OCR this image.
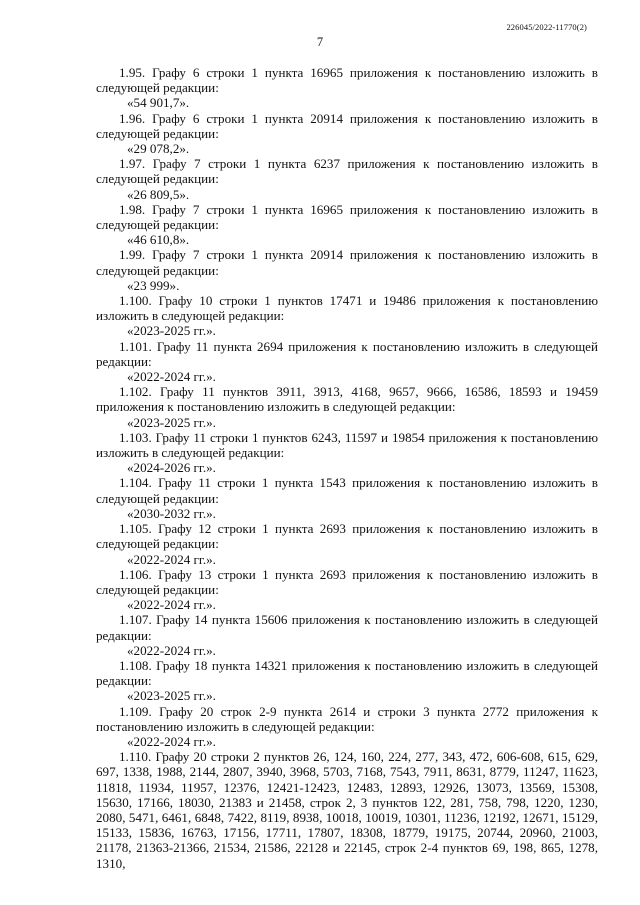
226045/2022-11770(2)
7

1.95. Графу 6 строки 1 пункта 16965 приложения к постановлению изложить в следующей редакции:

«54 901,7».

1.96. Графу 6 строки 1 пункта 20914 приложения к постановлению изложить в следующей редакции:

«29 078,2».

1.97. Графу 7 строки 1 пункта 6237 приложения к постановлению изложить в следующей редакции:

«26 809,5».

1.98. Графу 7 строки 1 пункта 16965 приложения к постановлению изложить в следующей редакции:

«46 610,8».

1.99. Графу 7 строки 1 пункта 20914 приложения к постановлению изложить в следующей редакции:

«23 999».

1.100. Графу 10 строки 1 пунктов 17471 и 19486 приложения к постановлению изложить в следующей редакции:

«2023-2025 гг.».

1.101. Графу 11 пункта 2694 приложения к постановлению изложить в следующей редакции:

«2022-2024 гг.».

1.102. Графу 11 пунктов 3911, 3913, 4168, 9657, 9666, 16586, 18593 и 19459 приложения к постановлению изложить в следующей редакции:

«2023-2025 гг.».

1.103. Графу 11 строки 1 пунктов 6243, 11597 и 19854 приложения к постановлению изложить в следующей редакции:

«2024-2026 гг.».

1.104. Графу 11 строки 1 пункта 1543 приложения к постановлению изложить в следующей редакции:

«2030-2032 гг.».

1.105. Графу 12 строки 1 пункта 2693 приложения к постановлению изложить в следующей редакции:

«2022-2024 гг.».

1.106. Графу 13 строки 1 пункта 2693 приложения к постановлению изложить в следующей редакции:

«2022-2024 гг.».

1.107. Графу 14 пункта 15606 приложения к постановлению изложить в следующей редакции:

«2022-2024 гг.».

1.108. Графу 18 пункта 14321 приложения к постановлению изложить в следующей редакции:

«2023-2025 гг.».

1.109. Графу 20 строк 2-9 пункта 2614 и строки 3 пункта 2772 приложения к постановлению изложить в следующей редакции:

«2022-2024 гг.».

1.110. Графу 20 строки 2 пунктов 26, 124, 160, 224, 277, 343, 472, 606-608, 615, 629, 697, 1338, 1988, 2144, 2807, 3940, 3968, 5703, 7168, 7543, 7911, 8631, 8779, 11247, 11623, 11818, 11934, 11957, 12376, 12421-12423, 12483, 12893, 12926, 13073, 13569, 15308, 15630, 17166, 18030, 21383 и 21458, строк 2, 3 пунктов 122, 281, 758, 798, 1220, 1230, 2080, 5471, 6461, 6848, 7422, 8119, 8938, 10018, 10019, 10301, 11236, 12192, 12671, 15129, 15133, 15836, 16763, 17156, 17711, 17807, 18308, 18779, 19175, 20744, 20960, 21003, 21178, 21363-21366, 21534, 21586, 22128 и 22145, строк 2-4 пунктов 69, 198, 865, 1278, 1310,
